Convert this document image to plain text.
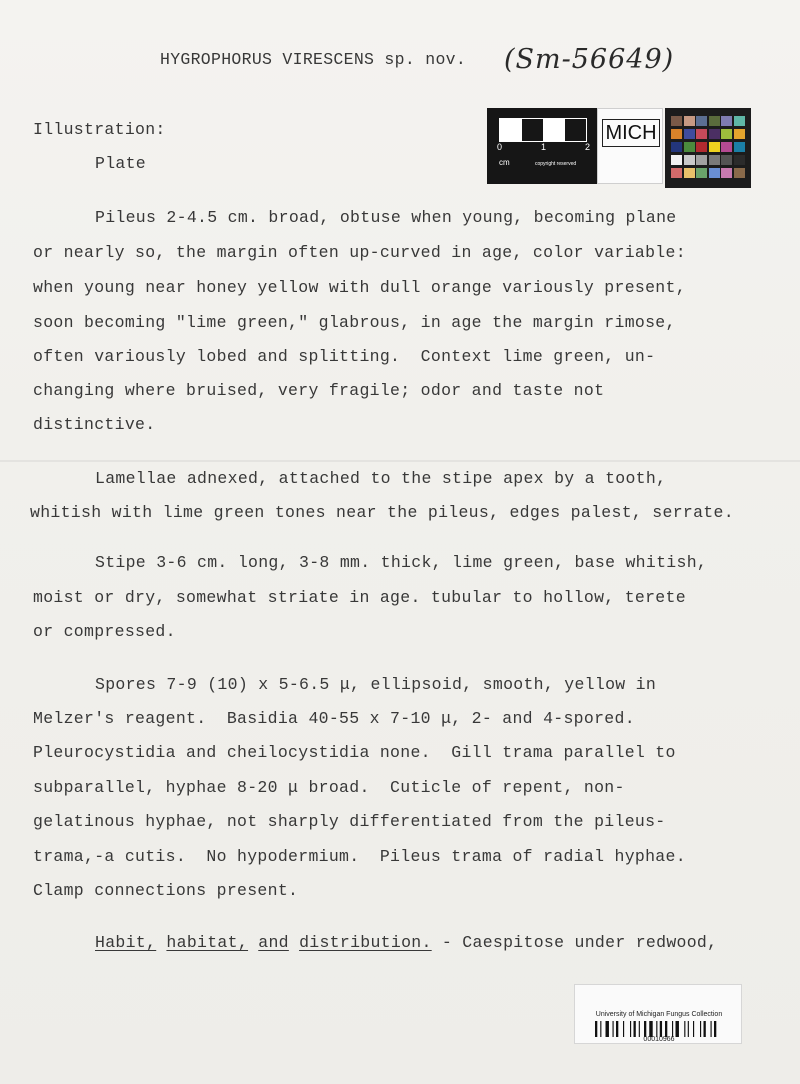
HYGROPHORUS VIRESCENS sp. nov. (Sm-56649)
Illustration:
Plate
Pileus 2-4.5 cm. broad, obtuse when young, becoming plane
or nearly so, the margin often up-curved in age, color variable:
when young near honey yellow with dull orange variously present,
soon becoming "lime green," glabrous, in age the margin rimose,
often variously lobed and splitting.  Context lime green, un-
changing where bruised, very fragile; odor and taste not
distinctive.
Lamellae adnexed, attached to the stipe apex by a tooth,
whitish with lime green tones near the pileus, edges palest, serrate.
Stipe 3-6 cm. long, 3-8 mm. thick, lime green, base whitish,
moist or dry, somewhat striate in age. tubular to hollow, terete
or compressed.
Spores 7-9 (10) x 5-6.5 μ, ellipsoid, smooth, yellow in
Melzer's reagent.  Basidia 40-55 x 7-10 μ, 2- and 4-spored.
Pleurocystidia and cheilocystidia none.  Gill trama parallel to
subparallel, hyphae 8-20 μ broad.  Cuticle of repent, non-
gelatinous hyphae, not sharply differentiated from the pileus-
trama,-a cutis.  No hypodermium.  Pileus trama of radial hyphae.
Clamp connections present.
Habit, habitat, and distribution. - Caespitose under redwood,
0	1	2
cm	copyright reserved
MICH
University of Michigan Fungus Collection
00010966
